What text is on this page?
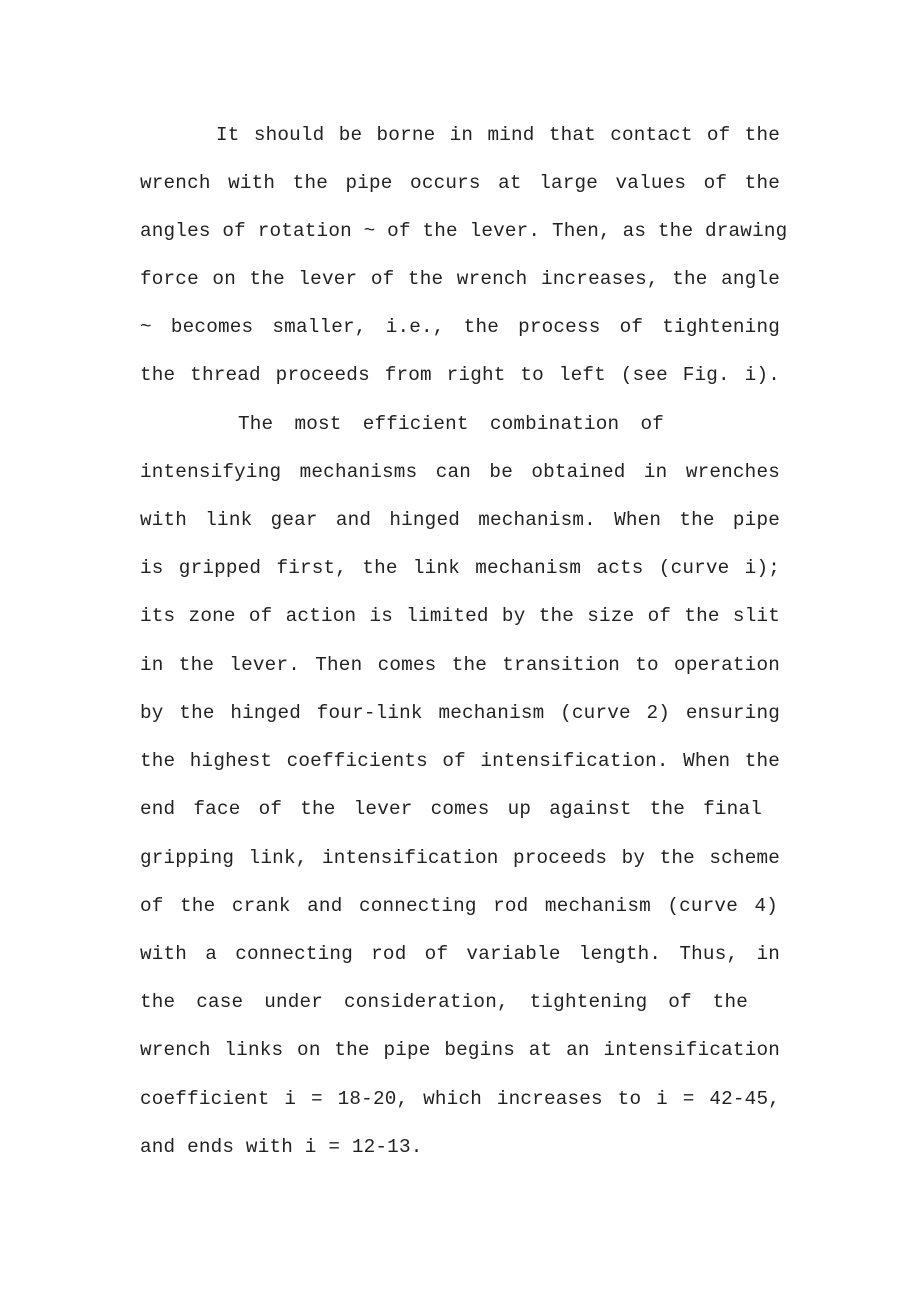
It should be borne in mind that contact of the
wrench with the pipe occurs at large values of the
angles of rotation ~ of the lever. Then, as the drawing
force on the lever of the wrench increases, the angle
~ becomes smaller, i.e., the process of tightening
the thread proceeds from right to left (see Fig. i).
The most efficient combination of
intensifying mechanisms can be obtained in wrenches
with link gear and hinged mechanism. When the pipe
is gripped first, the link mechanism acts (curve i);
its zone of action is limited by the size of the slit
in the lever. Then comes the transition to operation
by the hinged four-link mechanism (curve 2) ensuring
the highest coefficients of intensification. When the
end face of the lever comes up against the final
gripping link, intensification proceeds by the scheme
of the crank and connecting rod mechanism (curve 4)
with a connecting rod of variable length. Thus, in
the case under consideration, tightening of the
wrench links on the pipe begins at an intensification
coefficient i = 18-20, which increases to i = 42-45,
and ends with i = 12-13.
